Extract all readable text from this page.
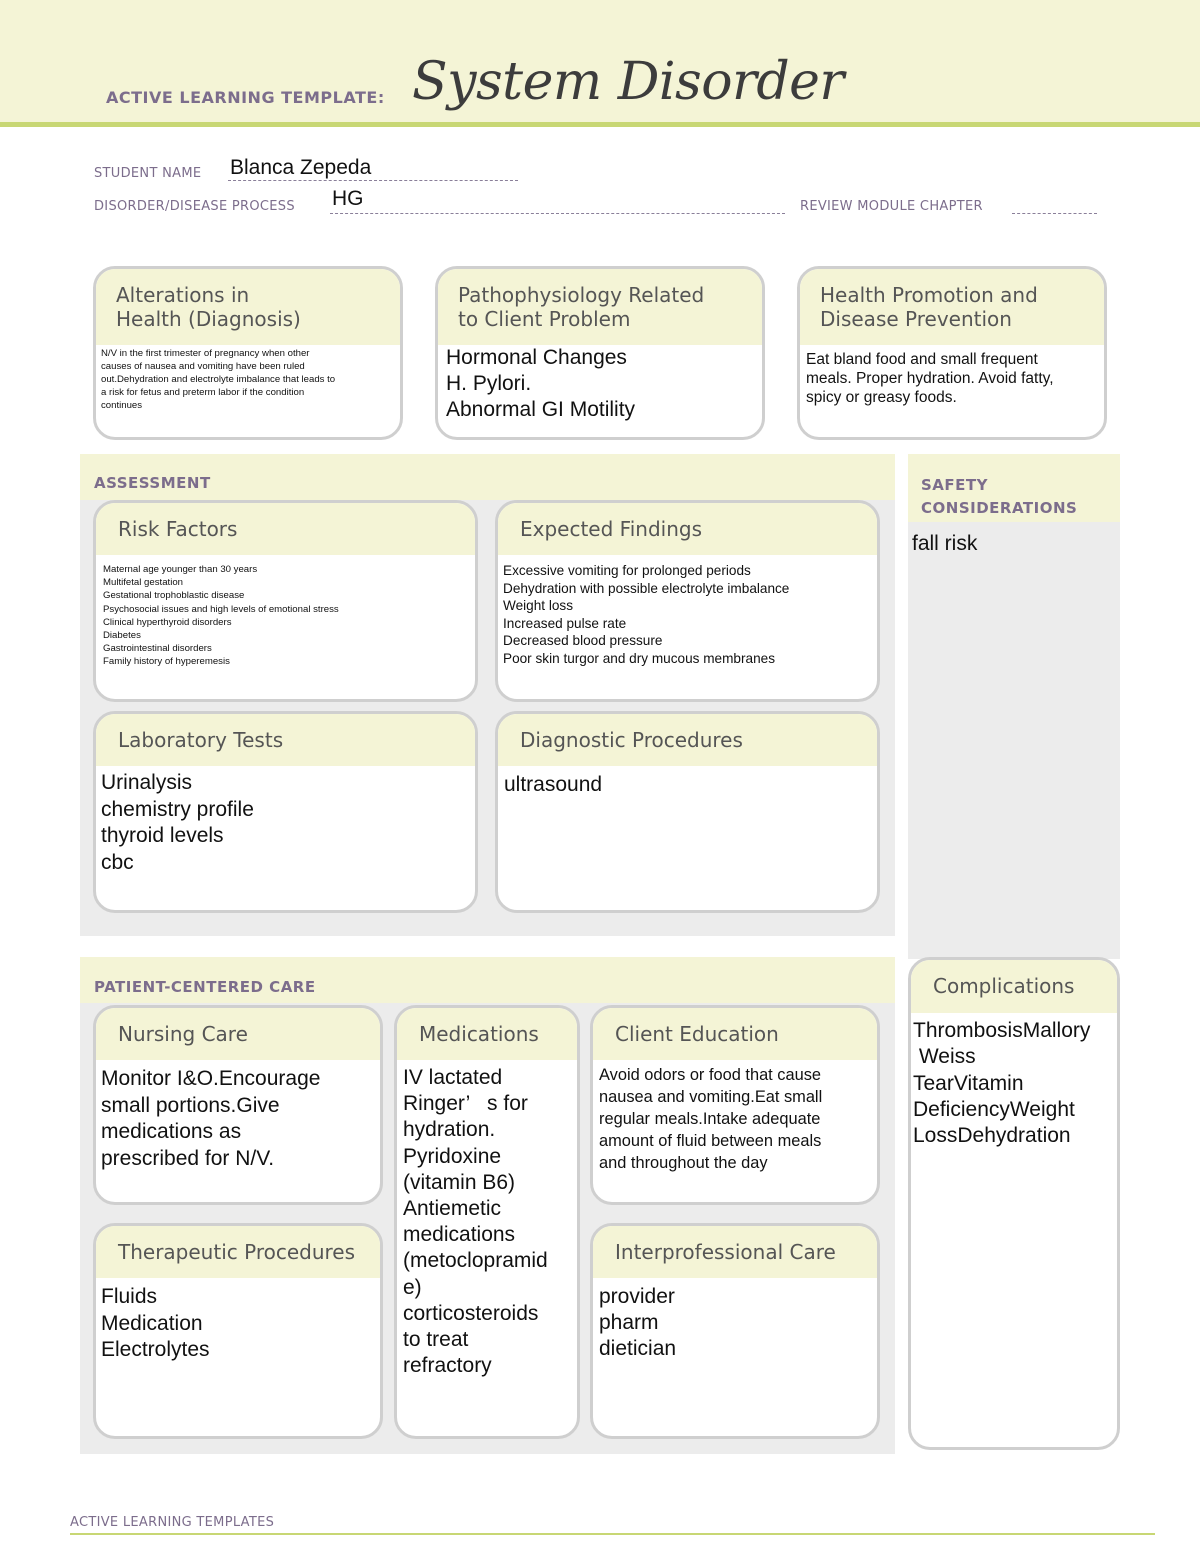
ACTIVE LEARNING TEMPLATE: System Disorder
STUDENT NAME Blanca Zepeda
DISORDER/DISEASE PROCESS HG	REVIEW MODULE CHAPTER
Alterations in
Health (Diagnosis)
N/V in the first trimester of pregnancy when other
causes of nausea and vomiting have been ruled
out.Dehydration and electrolyte imbalance that leads to
a risk for fetus and preterm labor if the condition
continues
Pathophysiology Related
to Client Problem
Hormonal Changes
H. Pylori.
Abnormal GI Motility
Health Promotion and
Disease Prevention
Eat bland food and small frequent
meals. Proper hydration. Avoid fatty,
spicy or greasy foods.
ASSESSMENT
Risk Factors
Maternal age younger than 30 years
Multifetal gestation
Gestational trophoblastic disease
Psychosocial issues and high levels of emotional stress
Clinical hyperthyroid disorders
Diabetes
Gastrointestinal disorders
Family history of hyperemesis
Expected Findings
Excessive vomiting for prolonged periods
Dehydration with possible electrolyte imbalance
Weight loss
Increased pulse rate
Decreased blood pressure
Poor skin turgor and dry mucous membranes
Laboratory Tests
Urinalysis
chemistry profile
thyroid levels
cbc
Diagnostic Procedures
ultrasound
SAFETY
CONSIDERATIONS
fall risk
PATIENT-CENTERED CARE
Nursing Care
Monitor I&O.Encourage
small portions.Give
medications as
prescribed for N/V.
Medications
IV lactated
Ringer’   s for
hydration.
Pyridoxine
(vitamin B6)
Antiemetic
medications
(metoclopramid
e)
corticosteroids
to treat
refractory
Client Education
Avoid odors or food that cause
nausea and vomiting.Eat small
regular meals.Intake adequate
amount of fluid between meals
and throughout the day
Therapeutic Procedures
Fluids
Medication
Electrolytes
Interprofessional Care
provider
pharm
dietician
Complications
ThrombosisMallory
Weiss
TearVitamin
DeficiencyWeight
LossDehydration
ACTIVE LEARNING TEMPLATES
